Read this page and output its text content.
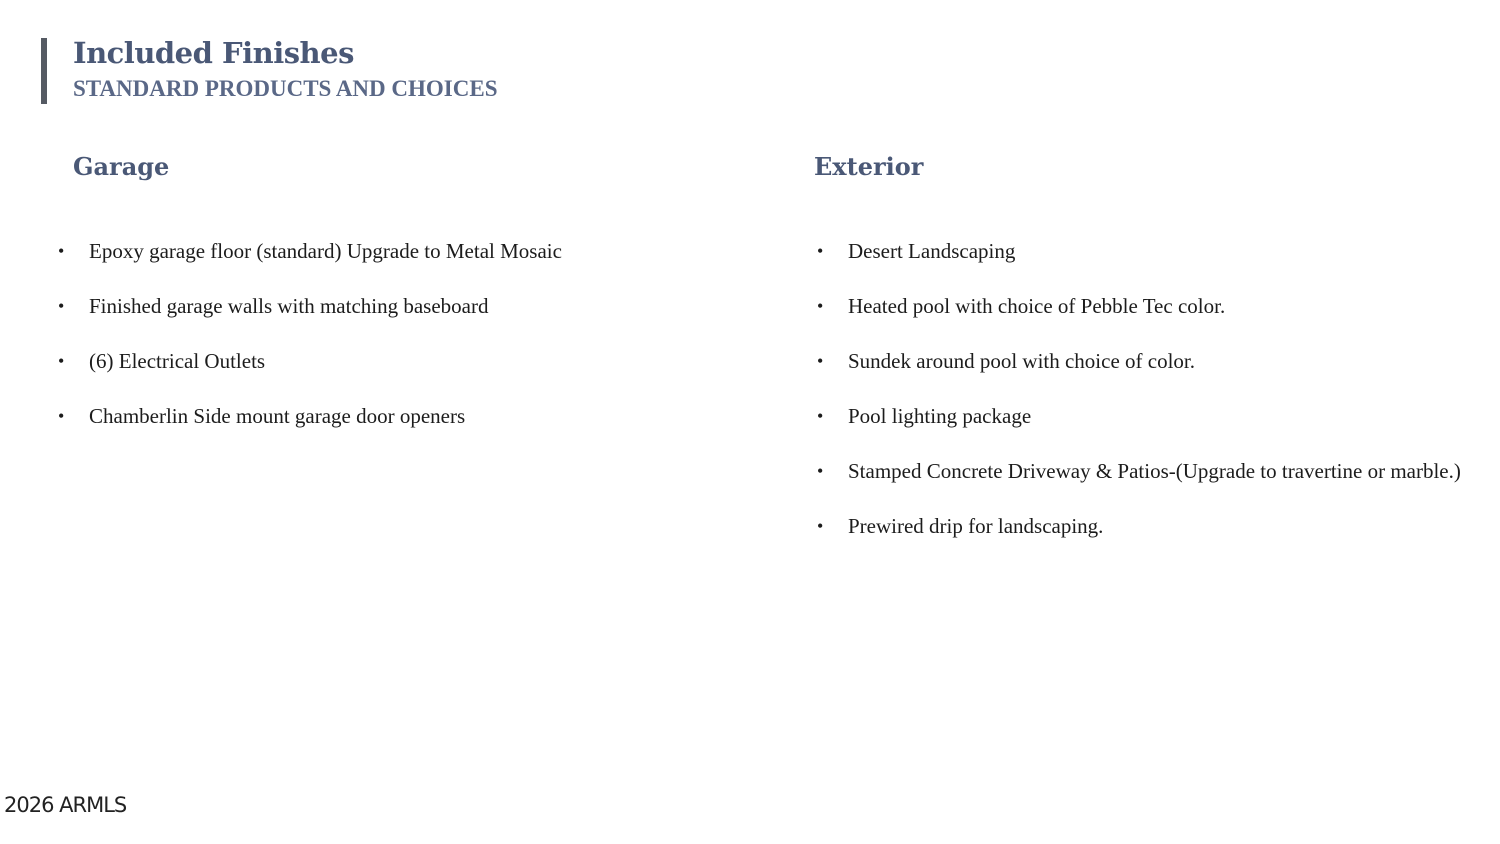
Included Finishes
STANDARD PRODUCTS AND CHOICES
Garage
• Epoxy garage floor (standard) Upgrade to Metal Mosaic
• Finished garage walls with matching baseboard
• (6) Electrical Outlets
• Chamberlin Side mount garage door openers
Exterior
• Desert Landscaping
• Heated pool with choice of Pebble Tec color.
• Sundek around pool with choice of color.
• Pool lighting package
• Stamped Concrete Driveway & Patios-(Upgrade to travertine or marble.)
• Prewired drip for landscaping.
2026 ARMLS
